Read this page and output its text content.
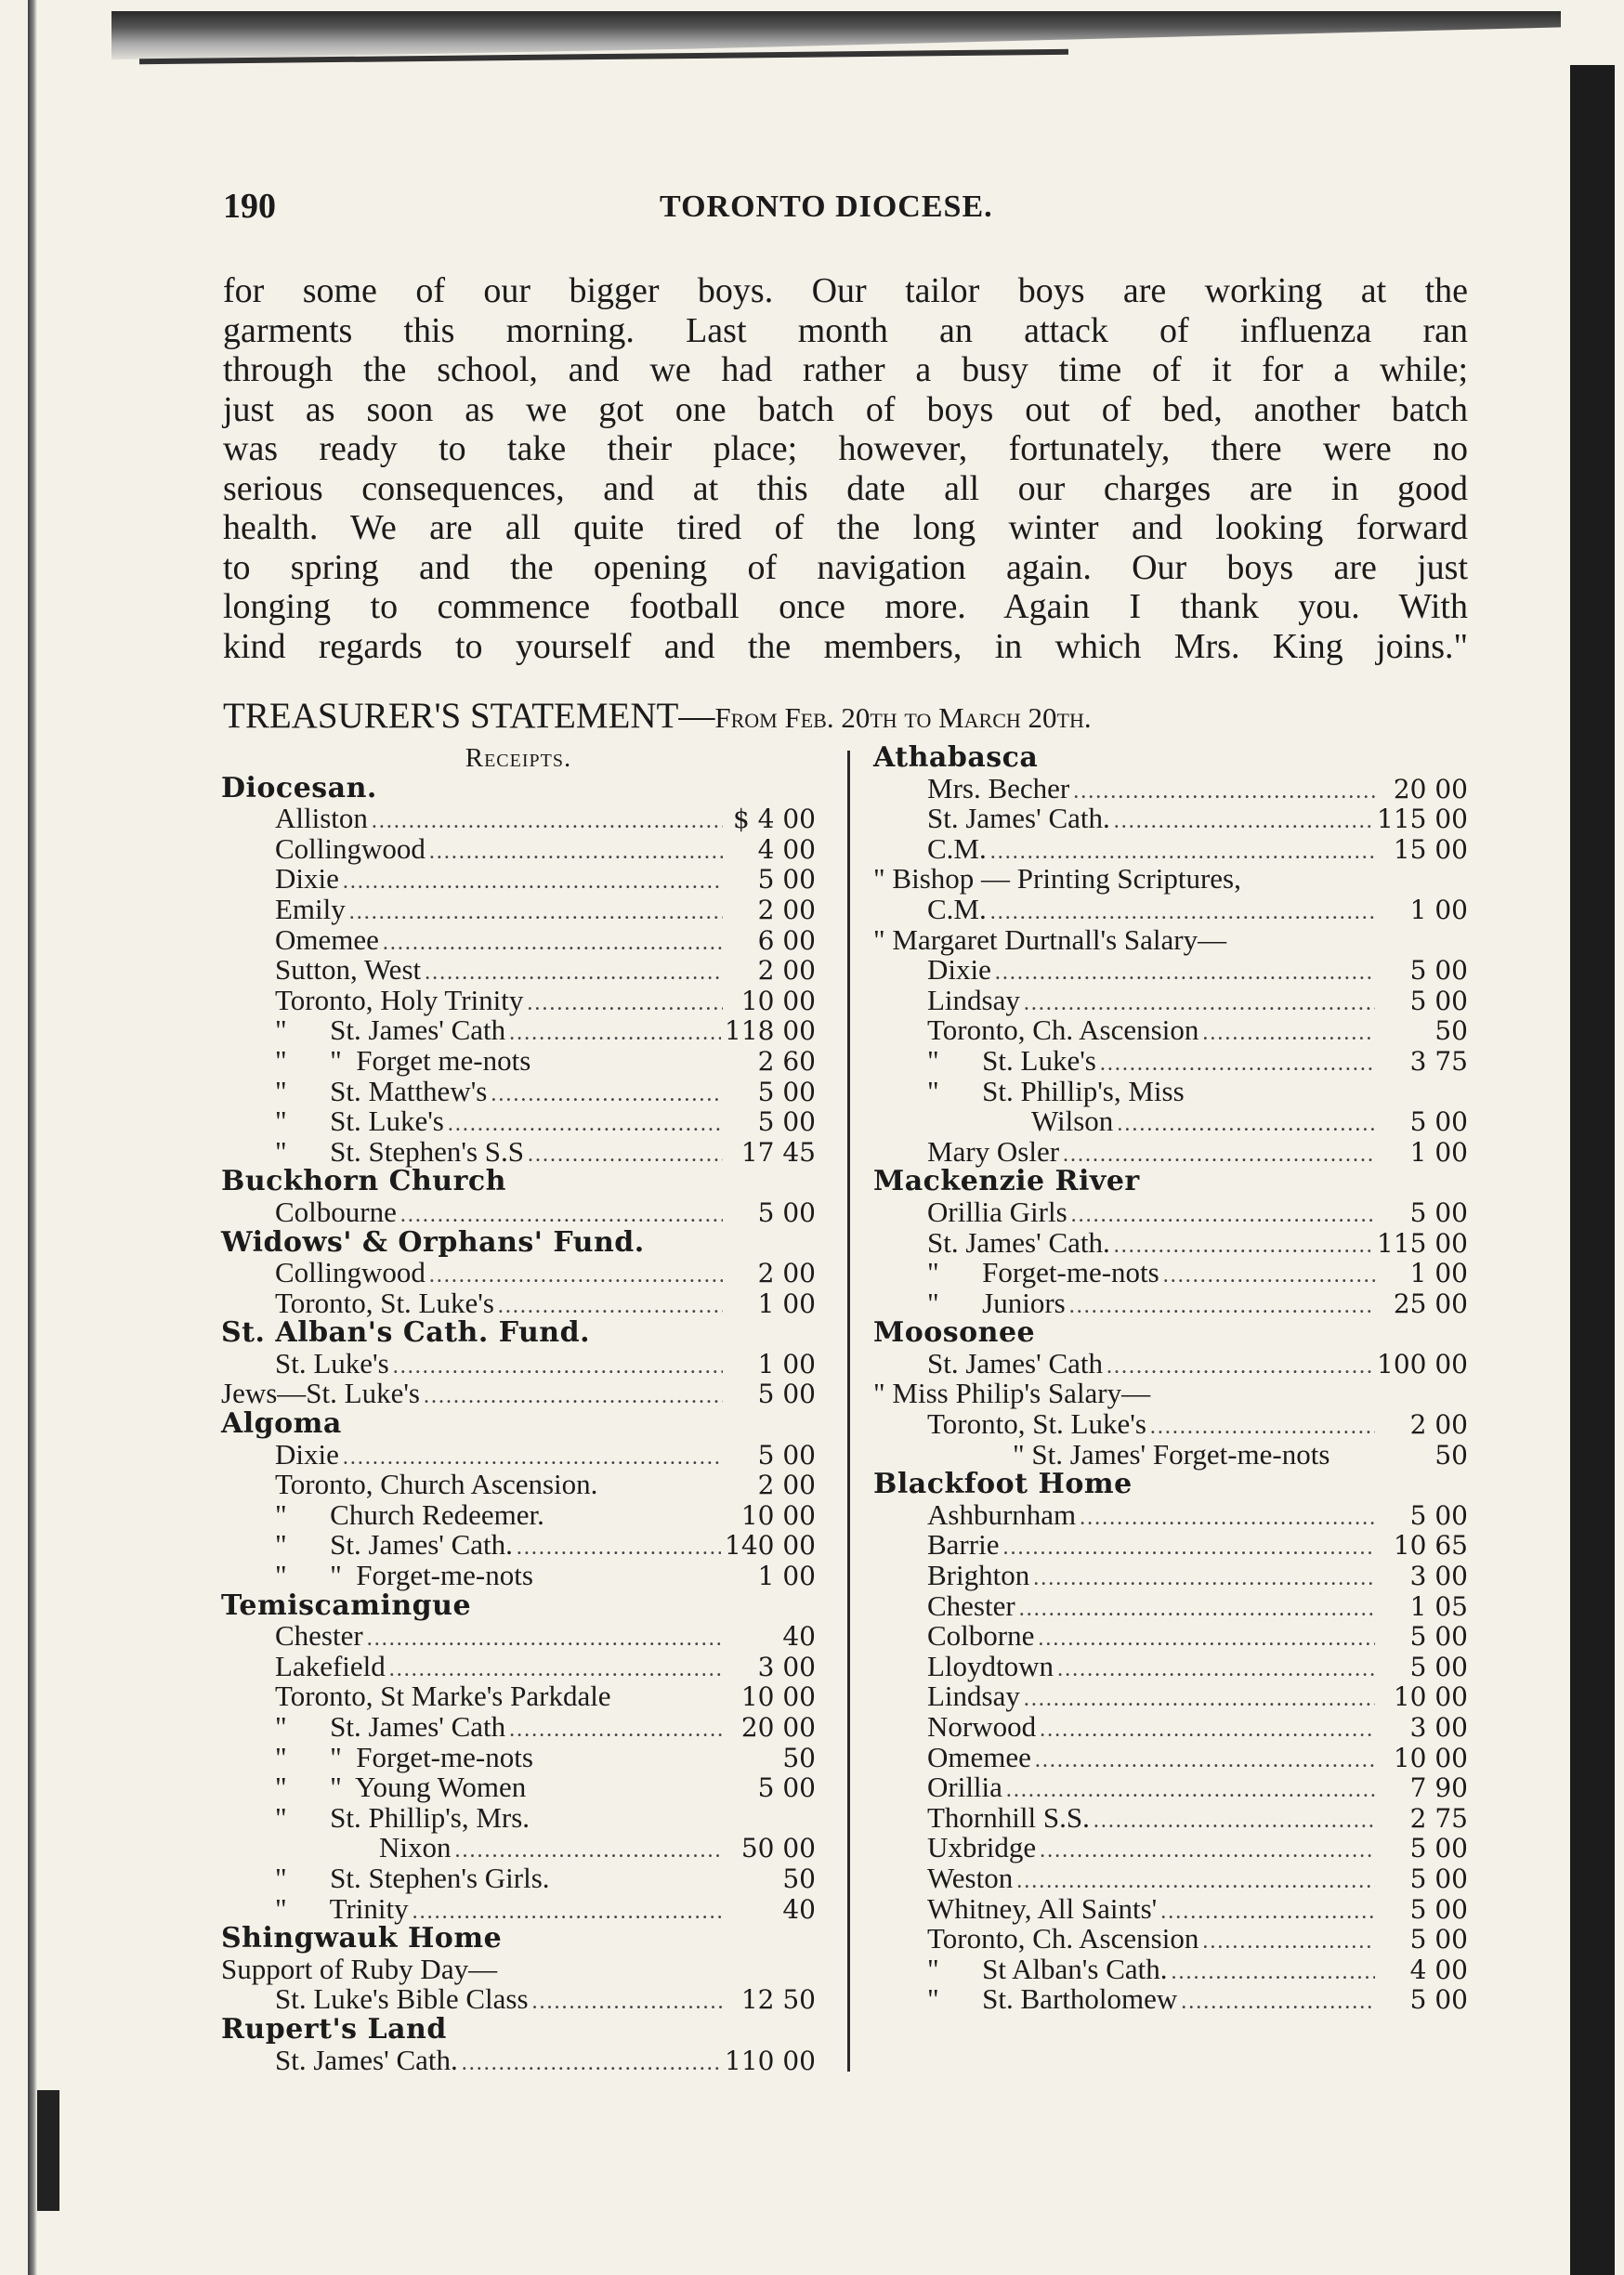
190	TORONTO DIOCESE.
for some of our bigger boys. Our tailor boys are working at the
garments this morning. Last month an attack of influenza ran
through the school, and we had rather a busy time of it for a while;
just as soon as we got one batch of boys out of bed, another batch
was ready to take their place; however, fortunately, there were no
serious consequences, and at this date all our charges are in good
health. We are all quite tired of the long winter and looking forward
to spring and the opening of navigation again. Our boys are just
longing to commence football once more. Again I thank you. With
kind regards to yourself and the members, in which Mrs. King joins."
TREASURER'S STATEMENT—From Feb. 20th to March 20th.
Receipts.
Diocesan.
Alliston .....	$ 4 00
Collingwood .....	4 00
Dixie .....	5 00
Emily .....	2 00
Omemee .....	6 00
Sutton, West .....	2 00
Toronto, Holy Trinity .....	10 00
"      St. James' Cath .....	118 00
"      "  Forget me-nots	2 60
"      St. Matthew's .....	5 00
"      St. Luke's .....	5 00
"      St. Stephen's S.S .....	17 45
Buckhorn Church
Colbourne .....	5 00
Widows' & Orphans' Fund.
Collingwood .....	2 00
Toronto, St. Luke's .....	1 00
St. Alban's Cath. Fund.
St. Luke's .....	1 00
Jews—St. Luke's .....	5 00
Algoma
Dixie .....	5 00
Toronto, Church Ascension.	2 00
"      Church Redeemer.	10 00
"      St. James' Cath. .....	140 00
"      "  Forget-me-nots	1 00
Temiscamingue
Chester .....	40
Lakefield .....	3 00
Toronto, St Marke's Parkdale	10 00
"      St. James' Cath .....	20 00
"      "  Forget-me-nots	50
"      "  Young Women	5 00
"      St. Phillip's, Mrs.
Nixon .....	50 00
"      St. Stephen's Girls.	50
"      Trinity .....	40
Shingwauk Home
Support of Ruby Day—
St. Luke's Bible Class .....	12 50
Rupert's Land
St. James' Cath. .....	110 00
Athabasca
Mrs. Becher .....	20 00
St. James' Cath. .....	115 00
C.M. .....	15 00
" Bishop — Printing Scriptures,
C.M. .....	1 00
" Margaret Durtnall's Salary—
Dixie .....	5 00
Lindsay .....	5 00
Toronto, Ch. Ascension .....	50
"      St. Luke's .....	3 75
"      St. Phillip's, Miss
Wilson .....	5 00
Mary Osler .....	1 00
Mackenzie River
Orillia Girls .....	5 00
St. James' Cath. .....	115 00
"      Forget-me-nots .....	1 00
"      Juniors .....	25 00
Moosonee
St. James' Cath .....	100 00
" Miss Philip's Salary—
Toronto, St. Luke's .....	2 00
" St. James' Forget-me-nots	50
Blackfoot Home
Ashburnham .....	5 00
Barrie .....	10 65
Brighton .....	3 00
Chester .....	1 05
Colborne .....	5 00
Lloydtown .....	5 00
Lindsay .....	10 00
Norwood .....	3 00
Omemee .....	10 00
Orillia .....	7 90
Thornhill S.S. .....	2 75
Uxbridge .....	5 00
Weston .....	5 00
Whitney, All Saints' .....	5 00
Toronto, Ch. Ascension .....	5 00
"      St Alban's Cath. .....	4 00
"      St. Bartholomew .....	5 00
